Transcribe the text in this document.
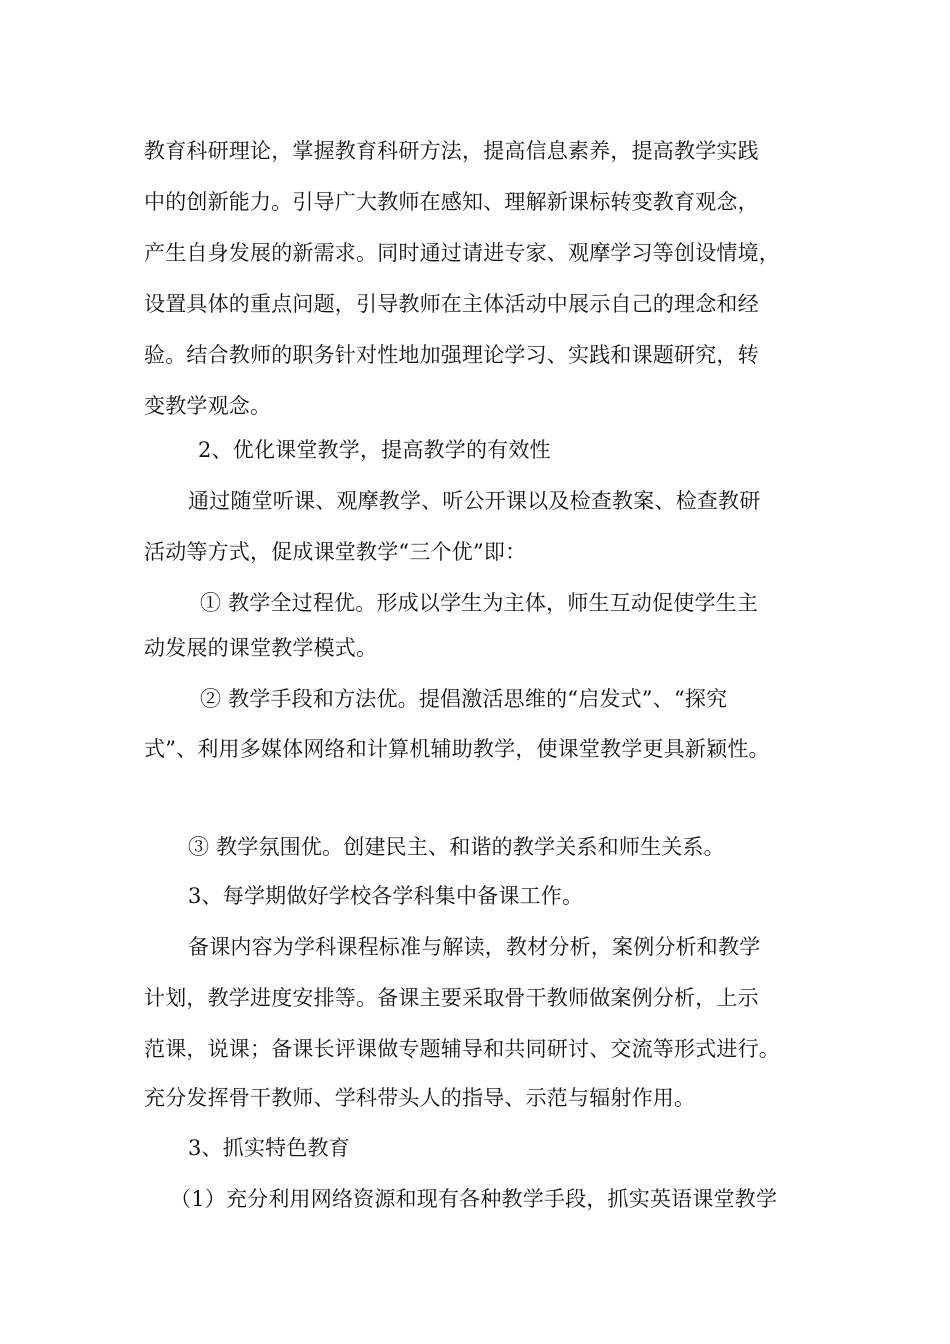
教育科研理论，掌握教育科研方法，提高信息素养，提高教学实践
中的创新能力。引导广大教师在感知、理解新课标转变教育观念，
产生自身发展的新需求。同时通过请进专家、观摩学习等创设情境，
设置具体的重点问题，引导教师在主体活动中展示自己的理念和经
验。结合教师的职务针对性地加强理论学习、实践和课题研究，转
变教学观念。
2、优化课堂教学，提高教学的有效性
通过随堂听课、观摩教学、听公开课以及检查教案、检查教研
活动等方式，促成课堂教学“三个优”即：
① 教学全过程优。形成以学生为主体，师生互动促使学生主
动发展的课堂教学模式。
② 教学手段和方法优。提倡激活思维的“启发式”、“探究
式”、利用多媒体网络和计算机辅助教学，使课堂教学更具新颖性。
③ 教学氛围优。创建民主、和谐的教学关系和师生关系。
3、每学期做好学校各学科集中备课工作。
备课内容为学科课程标准与解读，教材分析，案例分析和教学
计划，教学进度安排等。备课主要采取骨干教师做案例分析，上示
范课，说课；备课长评课做专题辅导和共同研讨、交流等形式进行。
充分发挥骨干教师、学科带头人的指导、示范与辐射作用。
3、抓实特色教育
（1）充分利用网络资源和现有各种教学手段，抓实英语课堂教学
